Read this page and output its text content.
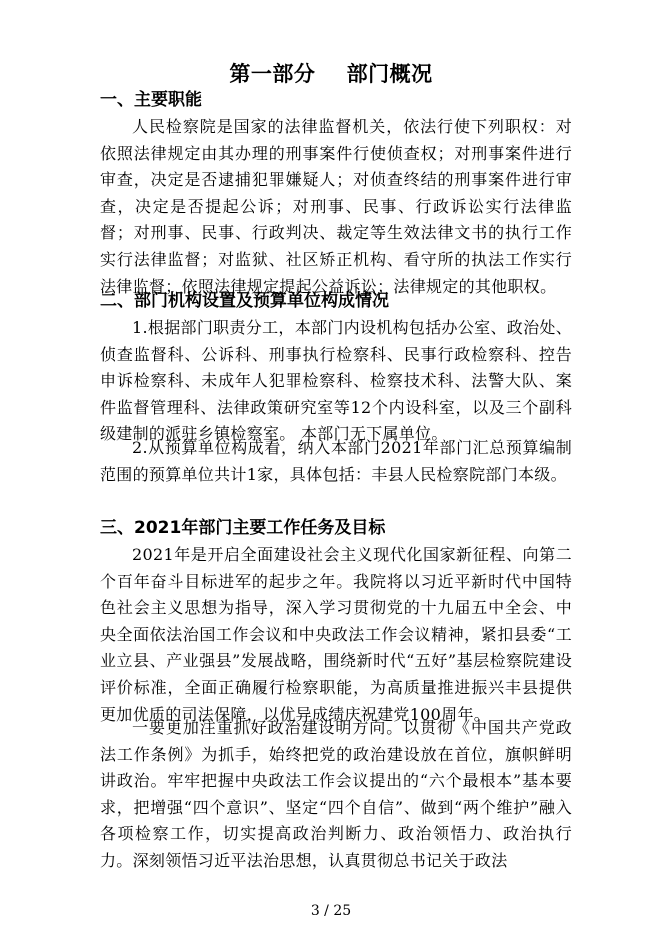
第一部分    部门概况
一、主要职能

人民检察院是国家的法律监督机关，依法行使下列职权：对依照法律规定由其办理的刑事案件行使侦查权；对刑事案件进行审查，决定是否逮捕犯罪嫌疑人；对侦查终结的刑事案件进行审查，决定是否提起公诉；对刑事、民事、行政诉讼实行法律监督；对刑事、民事、行政判决、裁定等生效法律文书的执行工作实行法律监督；对监狱、社区矫正机构、看守所的执法工作实行法律监督；依照法律规定提起公益诉讼；法律规定的其他职权。

二、部门机构设置及预算单位构成情况

1.根据部门职责分工，本部门内设机构包括办公室、政治处、侦查监督科、公诉科、刑事执行检察科、民事行政检察科、控告申诉检察科、未成年人犯罪检察科、检察技术科、法警大队、案件监督管理科、法律政策研究室等12个内设科室，以及三个副科级建制的派驻乡镇检察室。 本部门无下属单位。

2.从预算单位构成看，纳入本部门2021年部门汇总预算编制范围的预算单位共计1家，具体包括：丰县人民检察院部门本级。

三、2021年部门主要工作任务及目标

2021年是开启全面建设社会主义现代化国家新征程、向第二个百年奋斗目标进军的起步之年。我院将以习近平新时代中国特色社会主义思想为指导，深入学习贯彻党的十九届五中全会、中央全面依法治国工作会议和中央政法工作会议精神，紧扣县委“工业立县、产业强县”发展战略，围绕新时代“五好”基层检察院建设评价标准，全面正确履行检察职能，为高质量推进振兴丰县提供更加优质的司法保障，以优异成绩庆祝建党100周年。

一要更加注重抓好政治建设明方向。以贯彻《中国共产党政法工作条例》为抓手，始终把党的政治建设放在首位，旗帜鲜明讲政治。牢牢把握中央政法工作会议提出的“六个最根本”基本要求，把增强“四个意识”、坚定“四个自信”、做到“两个维护”融入各项检察工作，切实提高政治判断力、政治领悟力、政治执行力。深刻领悟习近平法治思想，认真贯彻总书记关于政法

3 / 25
